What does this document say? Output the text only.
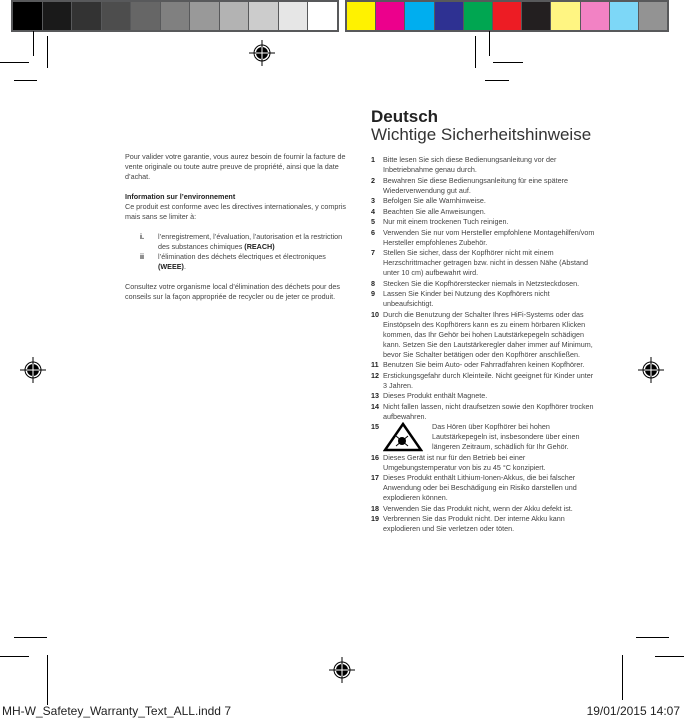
Pour valider votre garantie, vous aurez besoin de fournir la facture de vente originale ou toute autre preuve de propriété, ainsi que la date d’achat.

Information sur l’environnement

Ce produit est conforme avec les directives internationales, y compris mais sans se limiter à:

i.	l’enregistrement, l’évaluation, l’autorisation et la restriction des substances chimiques (REACH)
ii	l’élimination des déchets électriques et électroniques (WEEE).

Consultez votre organisme local d’élimination des déchets pour des conseils sur la façon appropriée de recycler ou de jeter ce produit.

Deutsch
Wichtige Sicherheitshinweise
1	Bitte lesen Sie sich diese Bedienungsanleitung vor der Inbetriebnahme genau durch.
2	Bewahren Sie diese Bedienungsanleitung für eine spätere Wiederverwendung gut auf.
3	Befolgen Sie alle Warnhinweise.
4	Beachten Sie alle Anweisungen.
5	Nur mit einem trockenen Tuch reinigen.
6	Verwenden Sie nur vom Hersteller empfohlene Montagehilfen/vom Hersteller empfohlenes Zubehör.
7	Stellen Sie sicher, dass der Kopfhörer nicht mit einem Herzschrittmacher getragen bzw. nicht in dessen Nähe (Abstand unter 10 cm) aufbewahrt wird.
8	Stecken Sie die Kopfhörerstecker niemals in Netzsteckdosen.
9	Lassen Sie Kinder bei Nutzung des Kopfhörers nicht unbeaufsichtigt.
10 Durch die Benutzung der Schalter Ihres HiFi-Systems oder das Einstöpseln des Kopfhörers kann es zu einem hörbaren Klicken kommen, das Ihr Gehör bei hohen Lautstärkepegeln schädigen kann. Setzen Sie den Lautstärkeregler daher immer auf Minimum, bevor Sie Schalter betätigen oder den Kopfhörer anschließen.
11 Benutzen Sie beim Auto- oder Fahrradfahren keinen Kopfhörer.
12 Erstickungsgefahr durch Kleinteile. Nicht geeignet für Kinder unter 3 Jahren.
13 Dieses Produkt enthält Magnete.
14 Nicht fallen lassen, nicht draufsetzen sowie den Kopfhörer trocken aufbewahren.
15	Das Hören über Kopfhörer bei hohen Lautstärkepegeln ist, insbesondere über einen längeren Zeitraum, schädlich für Ihr Gehör.
16 Dieses Gerät ist nur für den Betrieb bei einer Umgebungstemperatur von bis zu 45 °C konzipiert.
17 Dieses Produkt enthält Lithium-Ionen-Akkus, die bei falscher Anwendung oder bei Beschädigung ein Risiko darstellen und explodieren können.
18 Verwenden Sie das Produkt nicht, wenn der Akku defekt ist.
19 Verbrennen Sie das Produkt nicht. Der interne Akku kann explodieren und Sie verletzen oder töten.
MH-W_Safetey_Warranty_Text_ALL.indd 7	19/01/2015 14:07
